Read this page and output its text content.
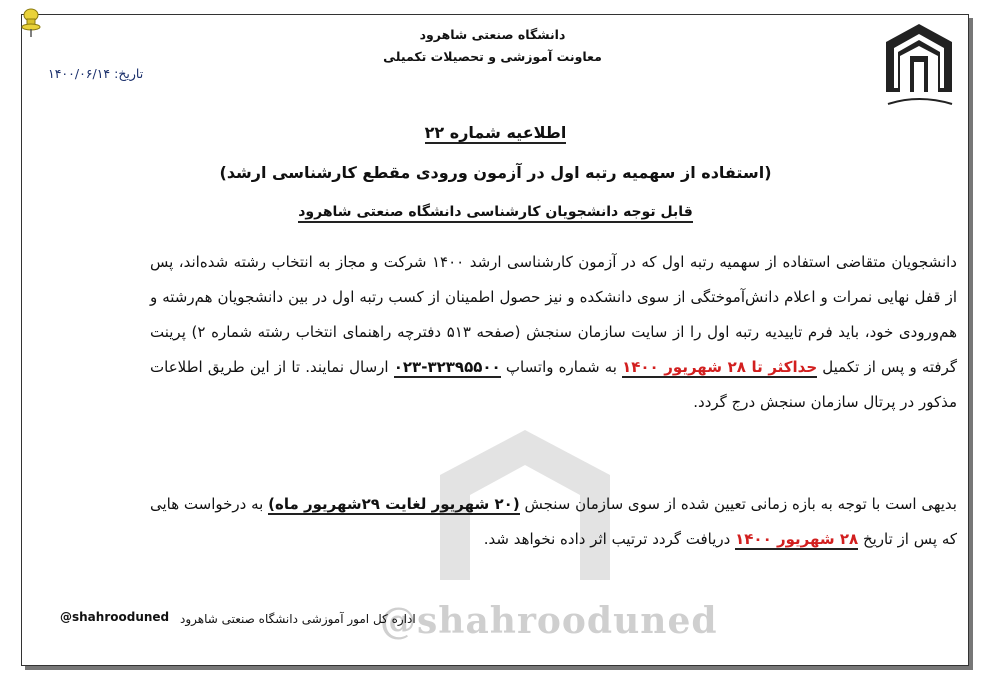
دانشگاه صنعتی شاهرود
معاونت آموزشی و تحصیلات تکمیلی
تاریخ: ۱۴۰۰/۰۶/۱۴
@shahrooduned
اطلاعیه شماره ۲۲
(استفاده از سهمیه رتبه اول در آزمون ورودی مقطع کارشناسی ارشد)
قابل توجه دانشجویان کارشناسی دانشگاه صنعتی شاهرود
دانشجویان متقاضی استفاده از سهمیه رتبه اول که در آزمون کارشناسی ارشد ۱۴۰۰ شرکت و مجاز به انتخاب رشته شده‌اند، پس از قفل نهایی نمرات و اعلام دانش‌آموختگی از سوی دانشکده و نیز حصول اطمینان از کسب رتبه اول در بین دانشجویان هم‌رشته و هم‌ورودی خود، باید فرم تاییدیه رتبه اول را از سایت سازمان سنجش (صفحه ۵۱۳ دفترچه راهنمای انتخاب رشته شماره ۲) پرینت گرفته و پس از تکمیل حداکثر تا ۲۸ شهریور ۱۴۰۰ به شماره واتساپ ۰۲۳-۳۲۳۹۵۵۰۰ ارسال نمایند. تا از این طریق اطلاعات مذکور در پرتال سازمان سنجش درج گردد.
بدیهی است با توجه به بازه زمانی تعیین شده از سوی سازمان سنجش (۲۰ شهریور لغایت ۲۹شهریور ماه) به درخواست هایی که پس از تاریخ ۲۸ شهریور ۱۴۰۰ دریافت گردد ترتیب اثر داده نخواهد شد.
اداره کل امور آموزشی دانشگاه صنعتی شاهرود
@shahrooduned
